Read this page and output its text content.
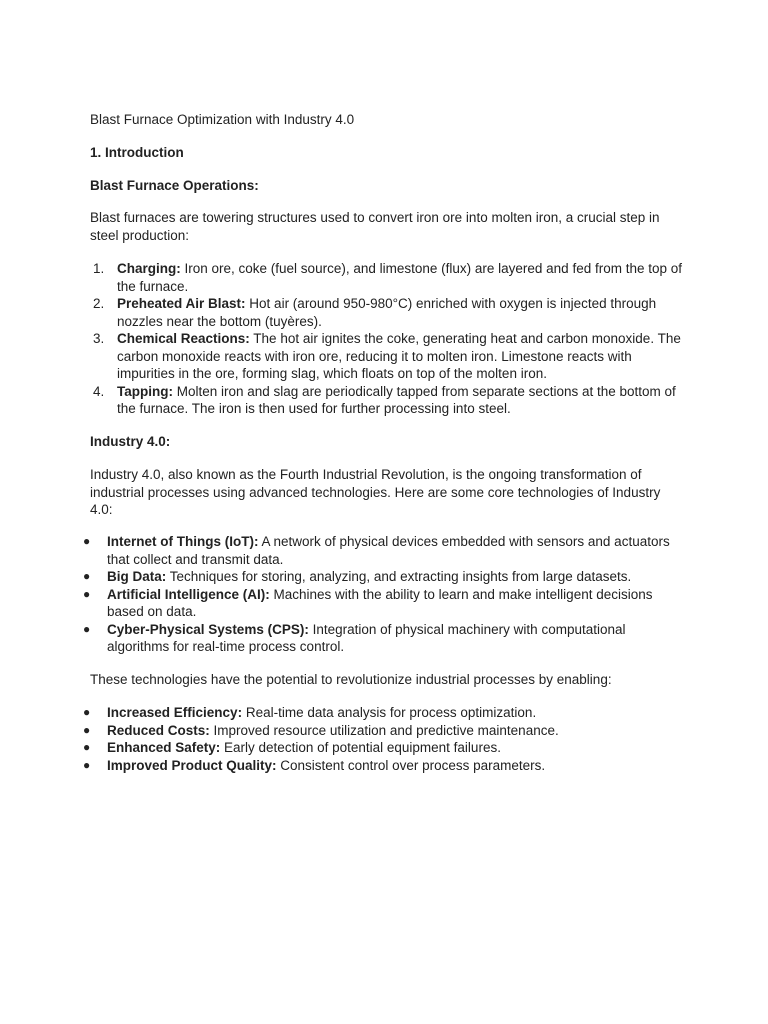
Blast Furnace Optimization with Industry 4.0

1. Introduction

Blast Furnace Operations:

Blast furnaces are towering structures used to convert iron ore into molten iron, a crucial step in steel production:

1. Charging: Iron ore, coke (fuel source), and limestone (flux) are layered and fed from the top of the furnace.
2. Preheated Air Blast: Hot air (around 950-980°C) enriched with oxygen is injected through nozzles near the bottom (tuyères).
3. Chemical Reactions: The hot air ignites the coke, generating heat and carbon monoxide. The carbon monoxide reacts with iron ore, reducing it to molten iron. Limestone reacts with impurities in the ore, forming slag, which floats on top of the molten iron.
4. Tapping: Molten iron and slag are periodically tapped from separate sections at the bottom of the furnace. The iron is then used for further processing into steel.

Industry 4.0:

Industry 4.0, also known as the Fourth Industrial Revolution, is the ongoing transformation of industrial processes using advanced technologies. Here are some core technologies of Industry 4.0:

● Internet of Things (IoT): A network of physical devices embedded with sensors and actuators that collect and transmit data.
● Big Data: Techniques for storing, analyzing, and extracting insights from large datasets.
● Artificial Intelligence (AI): Machines with the ability to learn and make intelligent decisions based on data.
● Cyber-Physical Systems (CPS): Integration of physical machinery with computational algorithms for real-time process control.

These technologies have the potential to revolutionize industrial processes by enabling:

● Increased Efficiency: Real-time data analysis for process optimization.
● Reduced Costs: Improved resource utilization and predictive maintenance.
● Enhanced Safety: Early detection of potential equipment failures.
● Improved Product Quality: Consistent control over process parameters.
